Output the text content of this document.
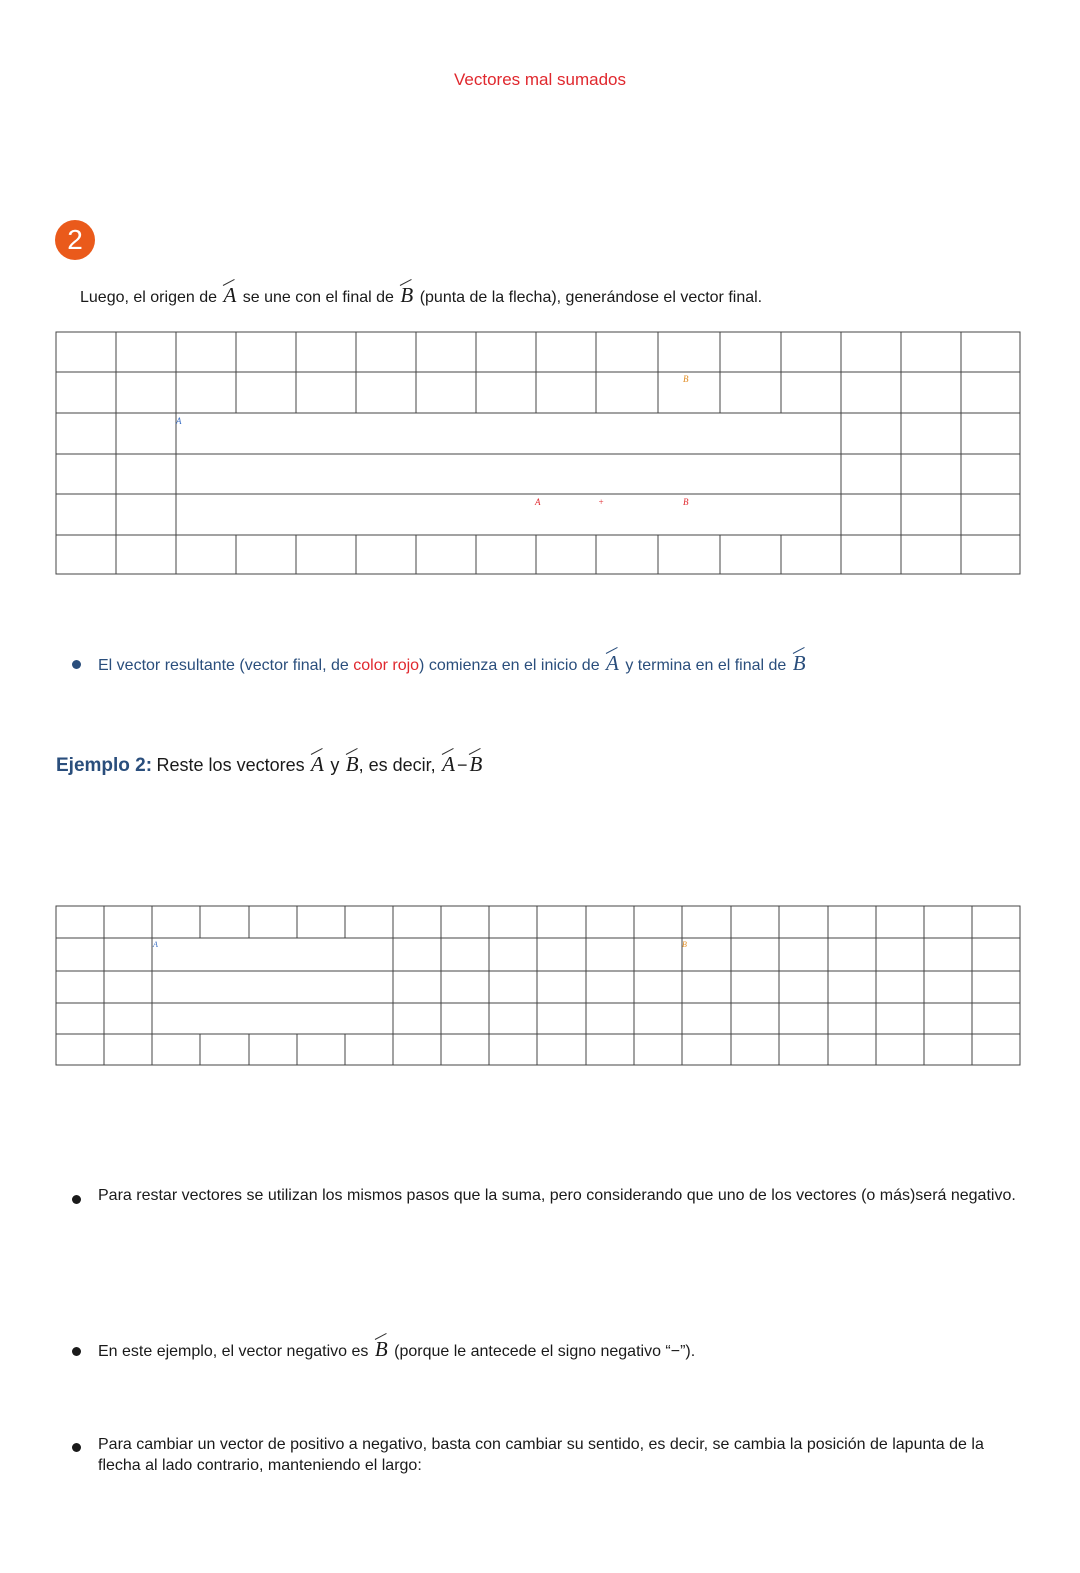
Vectores mal sumados
2
Luego, el origen de A se une con el final de B (punta de la flecha), generándose el vector final.
B
A
A	+	B
El vector resultante (vector final, de color rojo) comienza en el inicio de A y termina en el final de B
Ejemplo 2: Reste los vectores A y B, es decir, A −B
A	B
Para restar vectores se utilizan los mismos pasos que la suma, pero considerando que uno de los vectores (o más)será negativo.
En este ejemplo, el vector negativo es B (porque le antecede el signo negativo “−”).
Para cambiar un vector de positivo a negativo, basta con cambiar su sentido, es decir, se cambia la posición de lapunta de la
flecha al lado contrario, manteniendo el largo:
